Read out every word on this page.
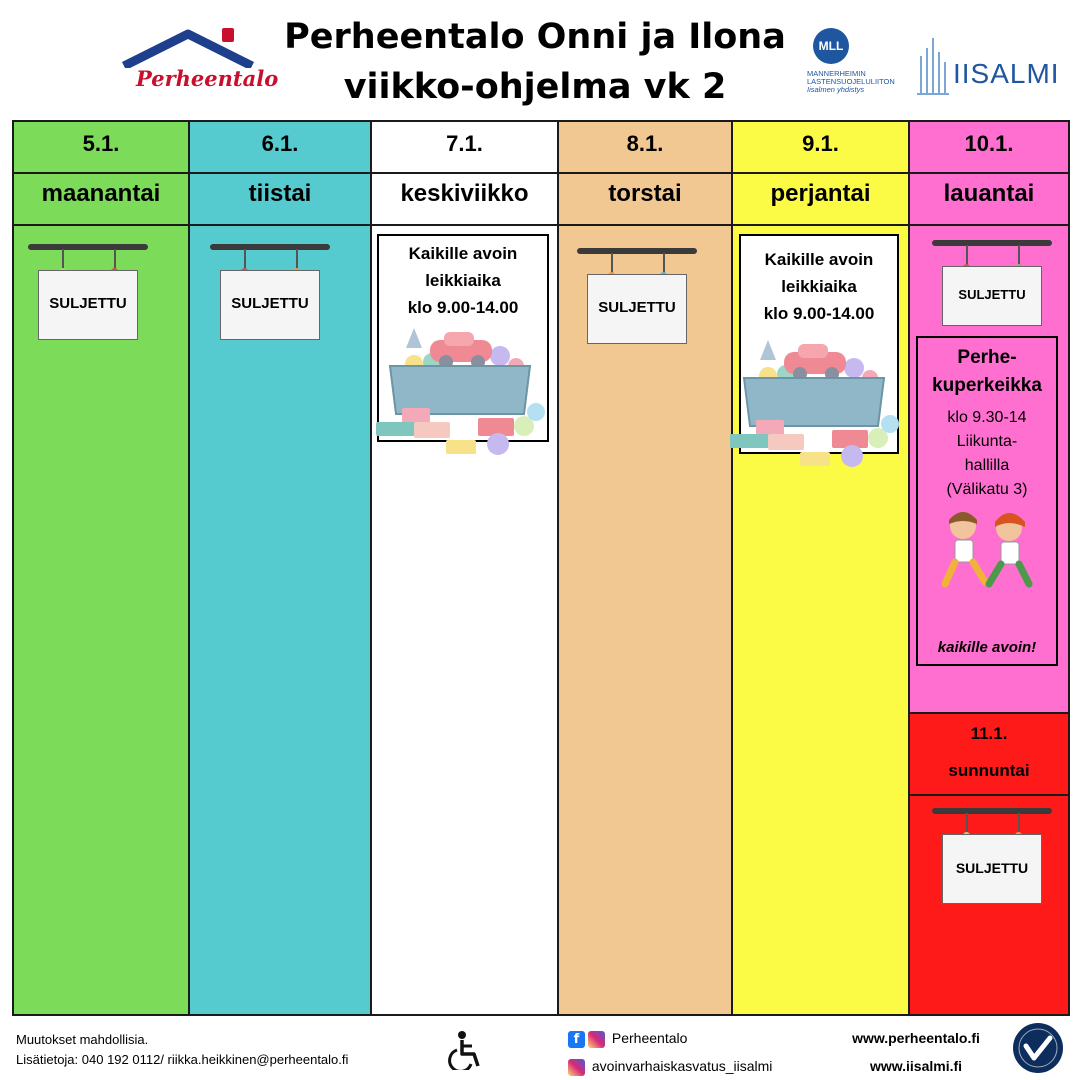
Perheentalo
Perheentalo Onni ja Ilona
viikko-ohjelma vk 2
MLL
MANNERHEIMIN
LASTENSUOJELULIITON
Iisalmen yhdistys
IISALMI
5.1.
maanantai
6.1.
tiistai
7.1.
keskiviikko
8.1.
torstai
9.1.
perjantai
10.1.
lauantai
11.1.
sunnuntai
SULJETTU	SULJETTU	SULJETTU
SULJETTU
SULJETTU
Kaikille avoin
leikkiaika
klo 9.00-14.00
Kaikille avoin
leikkiaika
klo 9.00-14.00
Perhe-
kuperkeikka
klo 9.30-14
Liikunta-
hallilla
(Välikatu 3)
kaikille avoin!
Muutokset mahdollisia.
Lisätietoja: 040 192 0112/ riikka.heikkinen@perheentalo.fi
f Perheentalo
avoinvarhaiskasvatus_iisalmi
www.perheentalo.fi
www.iisalmi.fi
